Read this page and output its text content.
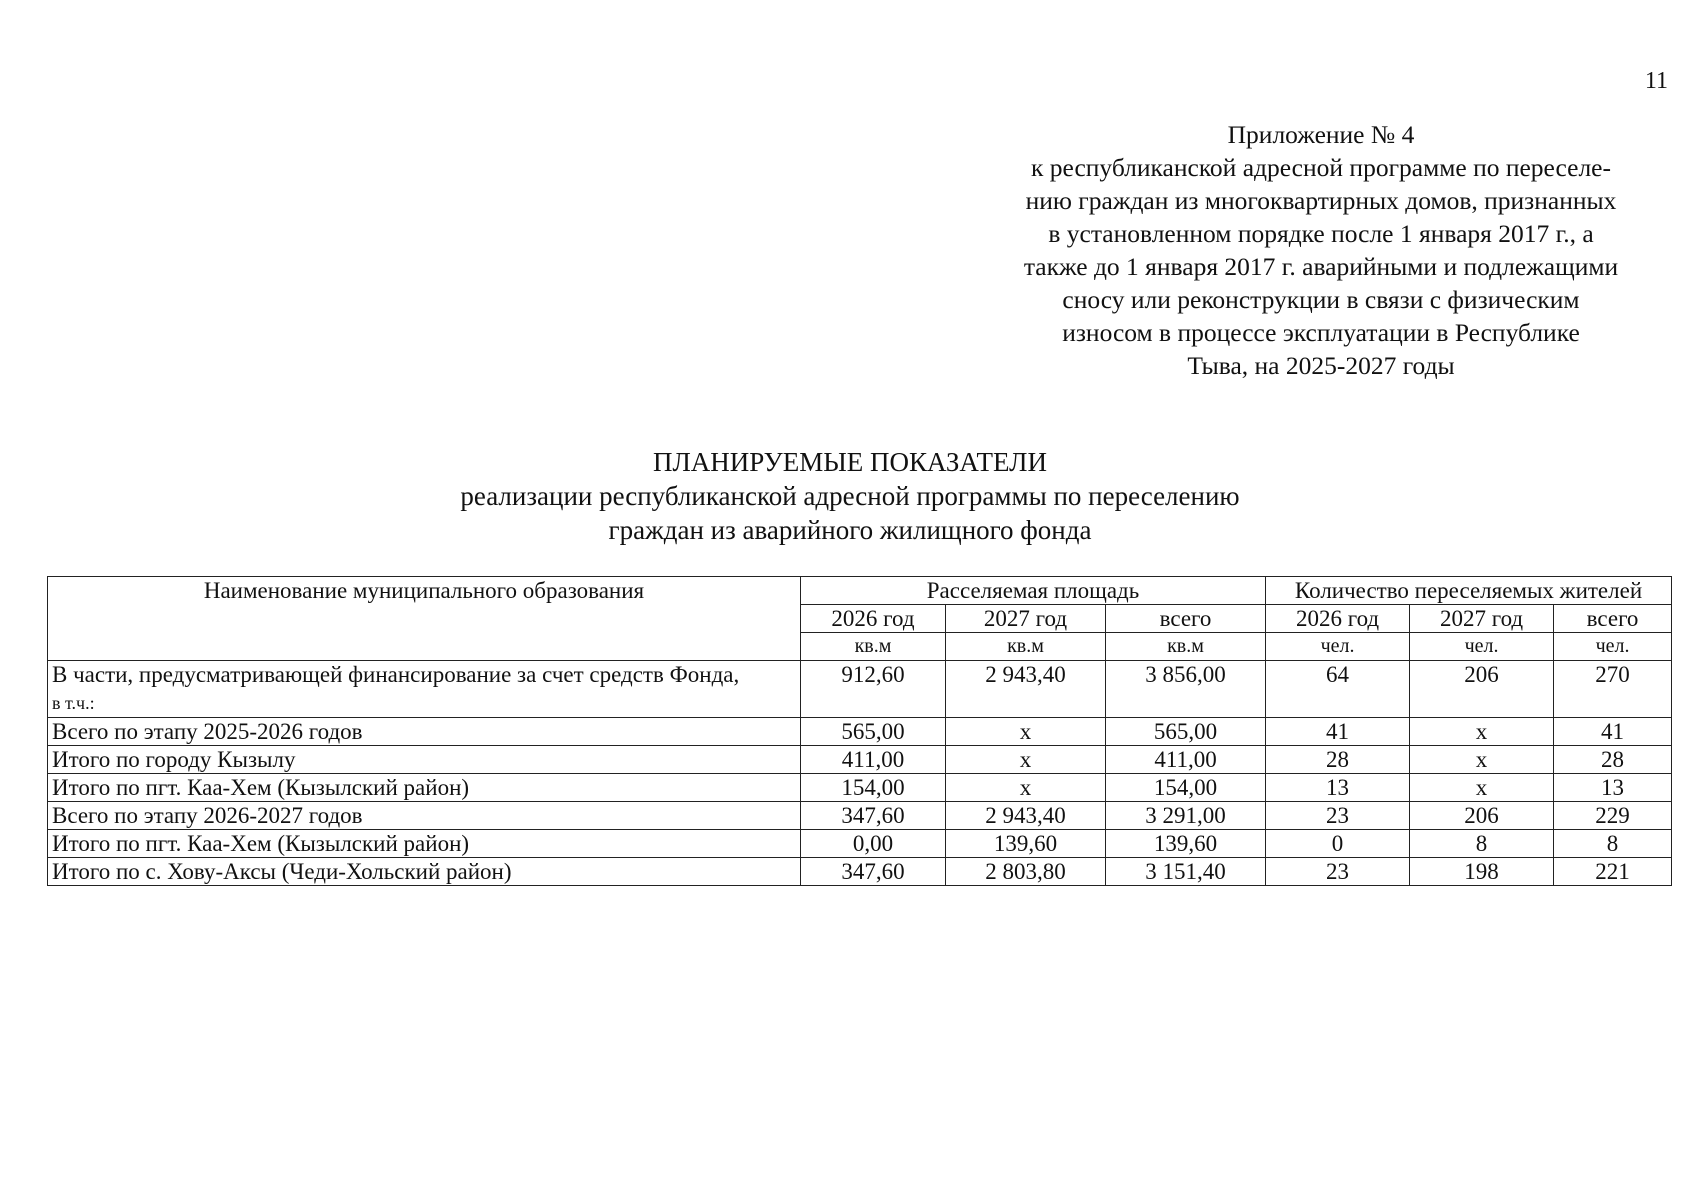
11
Приложение № 4
к республиканской адресной программе по переселе-
нию граждан из многоквартирных домов, признанных
в установленном порядке после 1 января 2017 г., а
также до 1 января 2017 г. аварийными и подлежащими
сносу или реконструкции в связи с физическим
износом в процессе эксплуатации в Республике
Тыва, на 2025-2027 годы
ПЛАНИРУЕМЫЕ ПОКАЗАТЕЛИ
реализации республиканской адресной программы по переселению
граждан из аварийного жилищного фонда
Наименование муниципального образования	Расселяемая площадь			Количество переселяемых жителей		
	2026 год	2027 год	всего	2026 год	2027 год	всего
	кв.м	кв.м	кв.м	чел.	чел.	чел.
В части, предусматривающей финансирование за счет средств Фонда,
в т.ч.:	912,60	2 943,40	3 856,00	64	206	270
Всего по этапу 2025-2026 годов	565,00	х	565,00	41	х	41
Итого по городу Кызылу	411,00	х	411,00	28	х	28
Итого по пгт. Каа-Хем (Кызылский район)	154,00	х	154,00	13	х	13
Всего по этапу 2026-2027 годов	347,60	2 943,40	3 291,00	23	206	229
Итого по пгт. Каа-Хем (Кызылский район)	0,00	139,60	139,60	0	8	8
Итого по с. Хову-Аксы (Чеди-Хольский район)	347,60	2 803,80	3 151,40	23	198	221
